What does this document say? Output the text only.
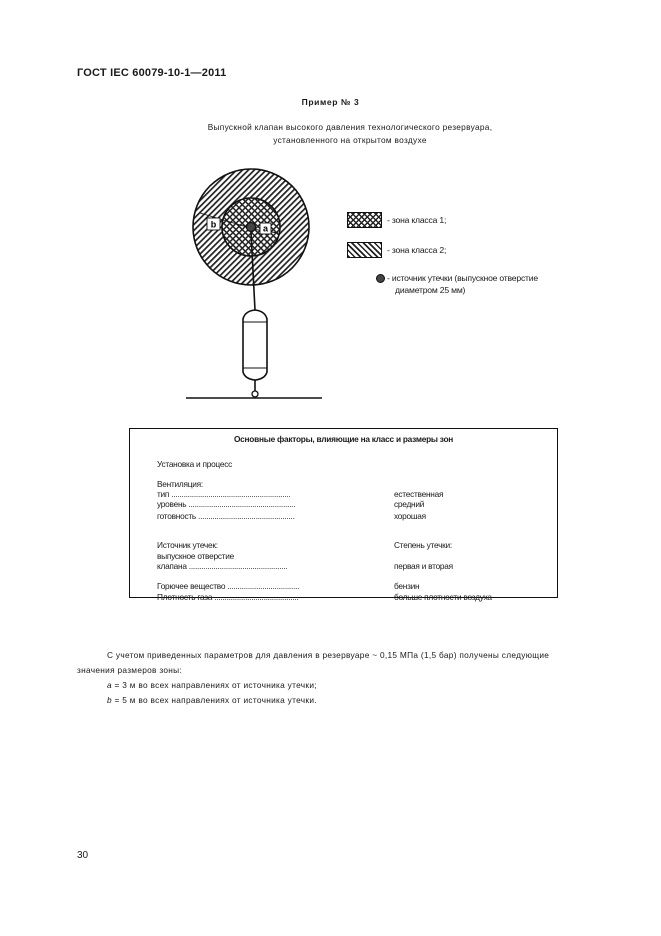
ГОСТ IEC 60079-10-1—2011
Пример № 3
Выпускной клапан высокого давления технологического резервуара,
установленного на открытом воздухе
b	a
- зона класса 1;
- зона класса 2;
- источник утечки (выпускное отверстие
диаметром 25 мм)
Основные факторы, влияющие на класс и размеры зон
Установка и процесс
Вентиляция:
тип ..........................................................	естественная
уровень ....................................................	средний
готовность ...............................................	хорошая
Источник утечек:	Степень утечки:
выпускное отверстие
клапана ................................................	первая и вторая
Горючее вещество ...................................	бензин
Плотность газа .........................................	больше плотности воздуха
С учетом приведенных параметров для давления в резервуаре ~ 0,15 МПа (1,5 бар) получены следующие
значения размеров зоны:
a = 3 м во всех направлениях от источника утечки;
b = 5 м во всех направлениях от источника утечки.
30
